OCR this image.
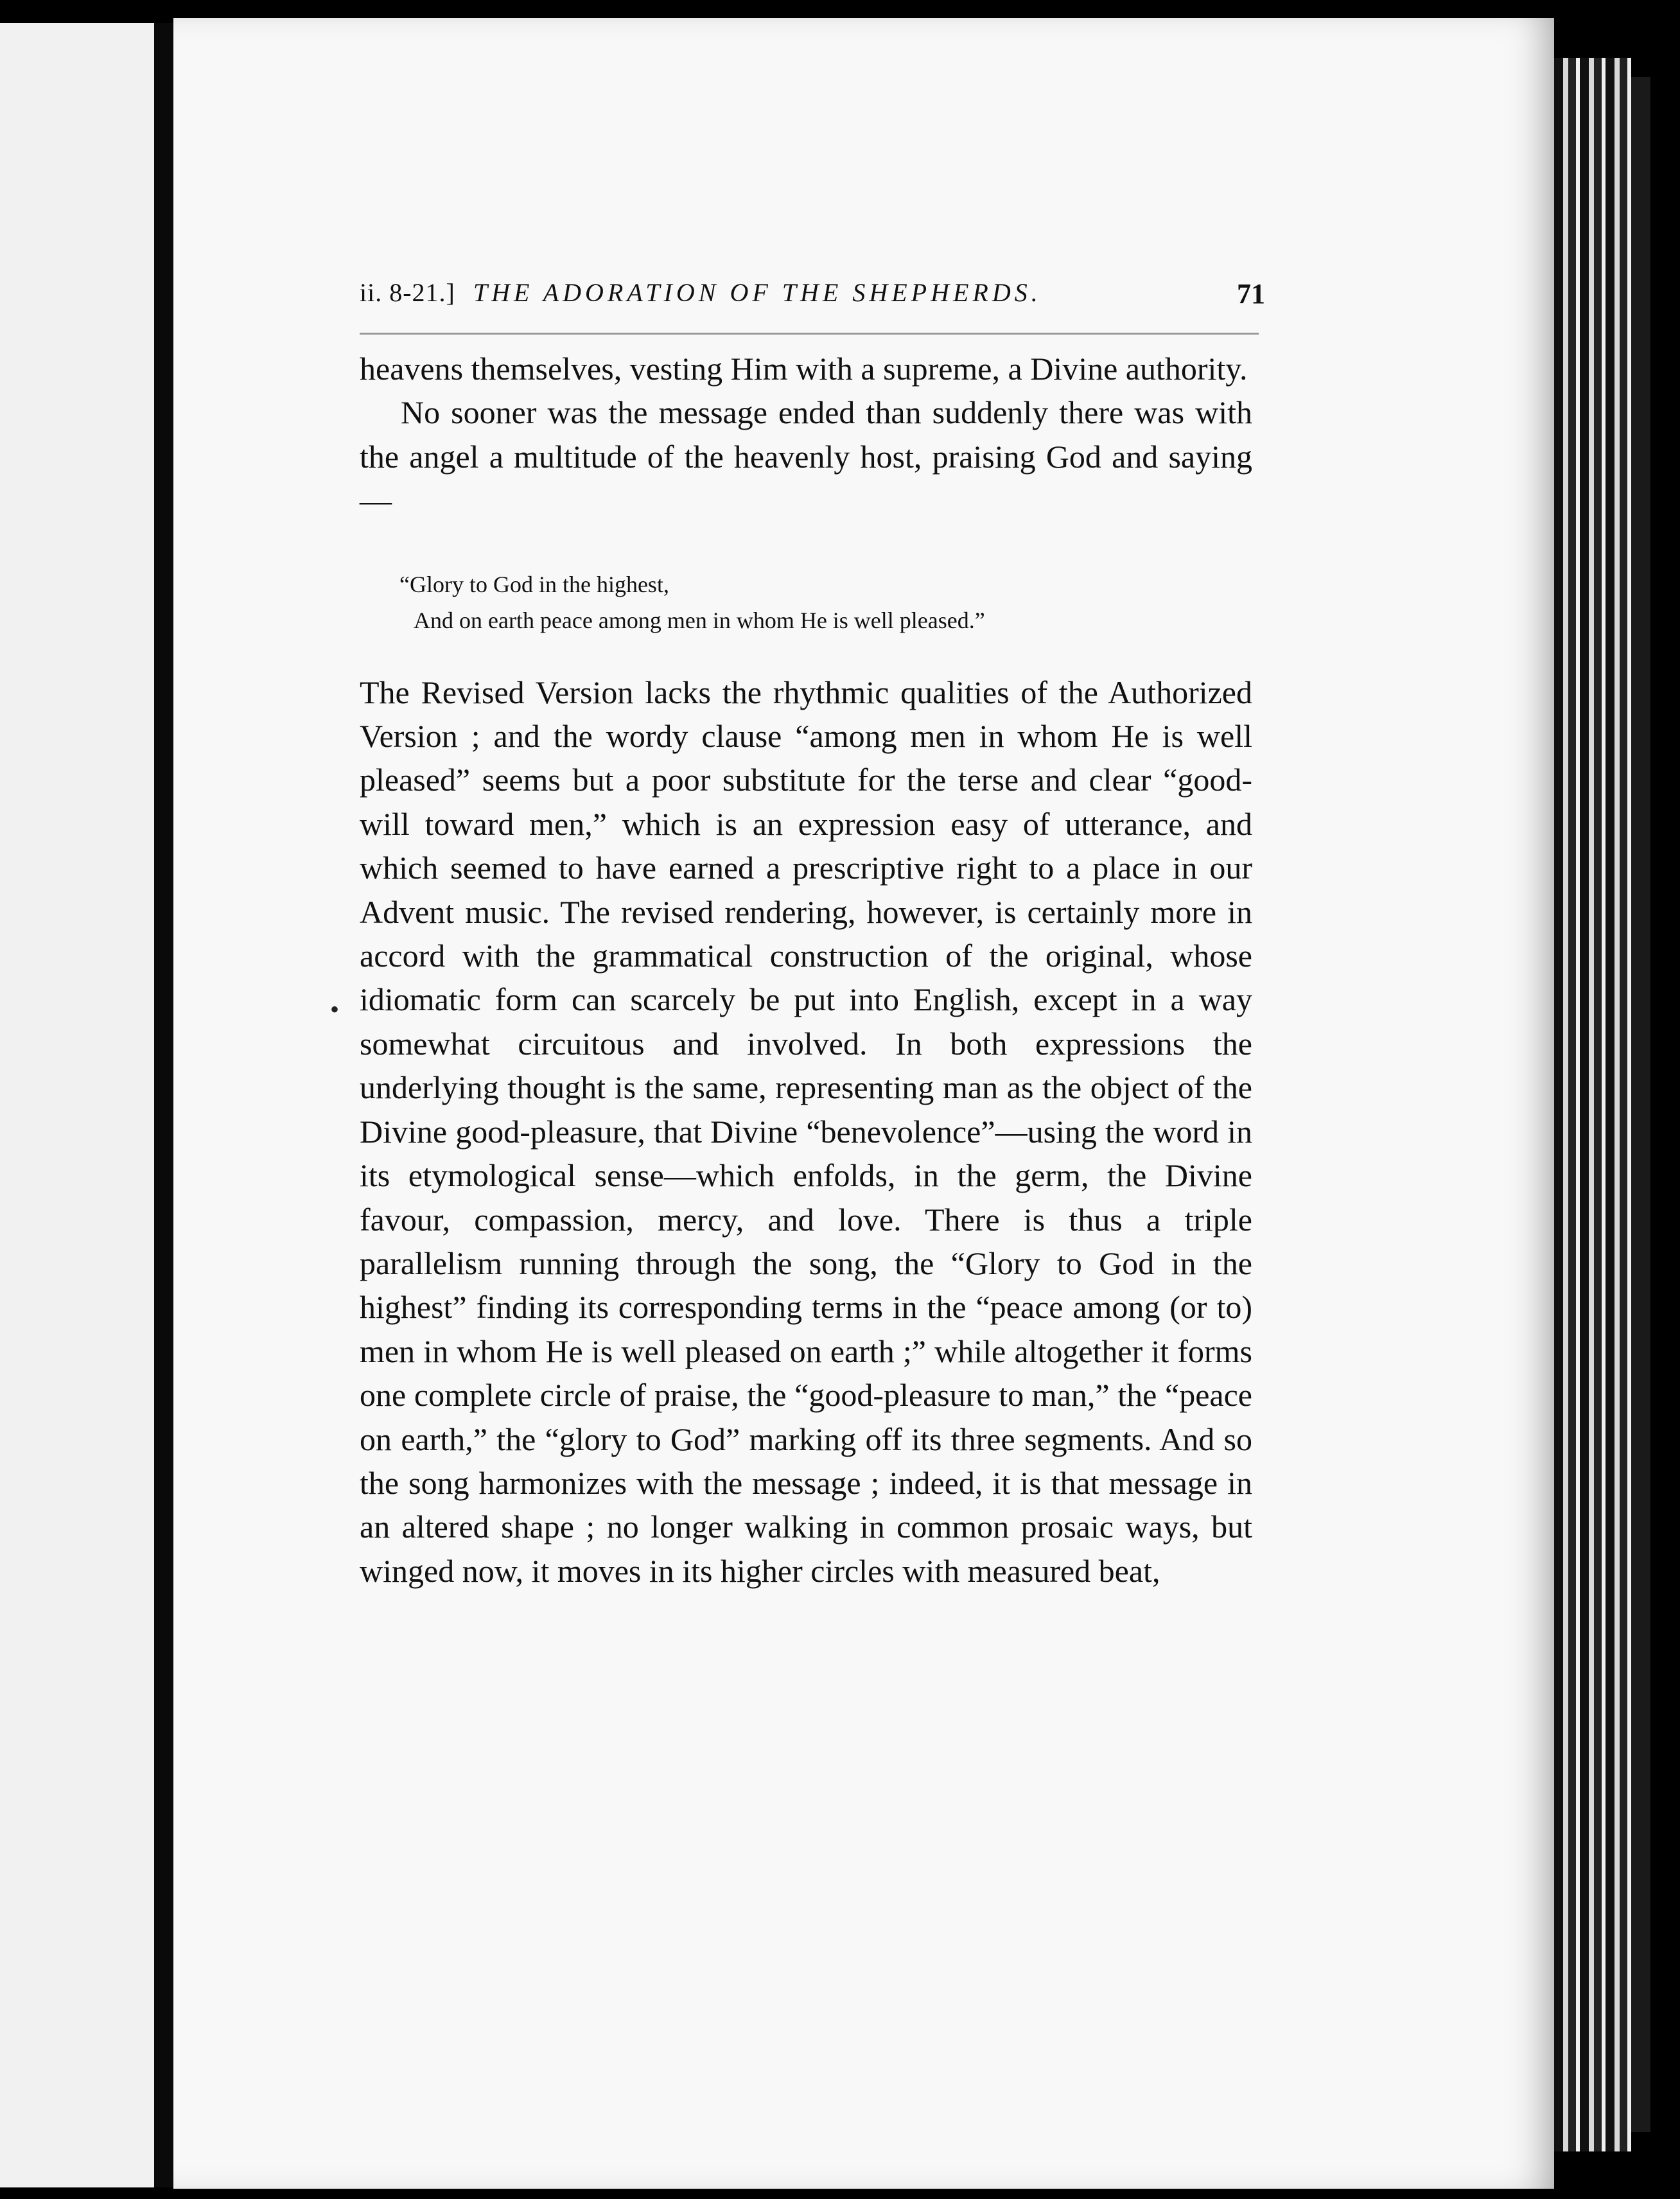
ii. 8-21.] THE ADORATION OF THE SHEPHERDS.	71
•

heavens themselves, vesting Him with a supreme, a Divine authority.

No sooner was the message ended than suddenly there was with the angel a multitude of the heavenly host, praising God and saying—

“Glory to God in the highest,
And on earth peace among men in whom He is well pleased.”

The Revised Version lacks the rhythmic qualities of the Authorized Version ; and the wordy clause “among men in whom He is well pleased” seems but a poor substitute for the terse and clear “good-will toward men,” which is an expression easy of utterance, and which seemed to have earned a prescriptive right to a place in our Advent music. The revised rendering, however, is certainly more in accord with the grammatical construction of the original, whose idiomatic form can scarcely be put into English, except in a way somewhat circuitous and involved. In both expressions the underlying thought is the same, representing man as the object of the Divine good-pleasure, that Divine “benevolence”—using the word in its etymological sense—which enfolds, in the germ, the Divine favour, compassion, mercy, and love. There is thus a triple parallelism running through the song, the “Glory to God in the highest” finding its corresponding terms in the “peace among (or to) men in whom He is well pleased on earth ;” while altogether it forms one complete circle of praise, the “good-pleasure to man,” the “peace on earth,” the “glory to God” marking off its three segments. And so the song harmonizes with the message ; indeed, it is that message in an altered shape ; no longer walking in common prosaic ways, but winged now, it moves in its higher circles with measured beat,
